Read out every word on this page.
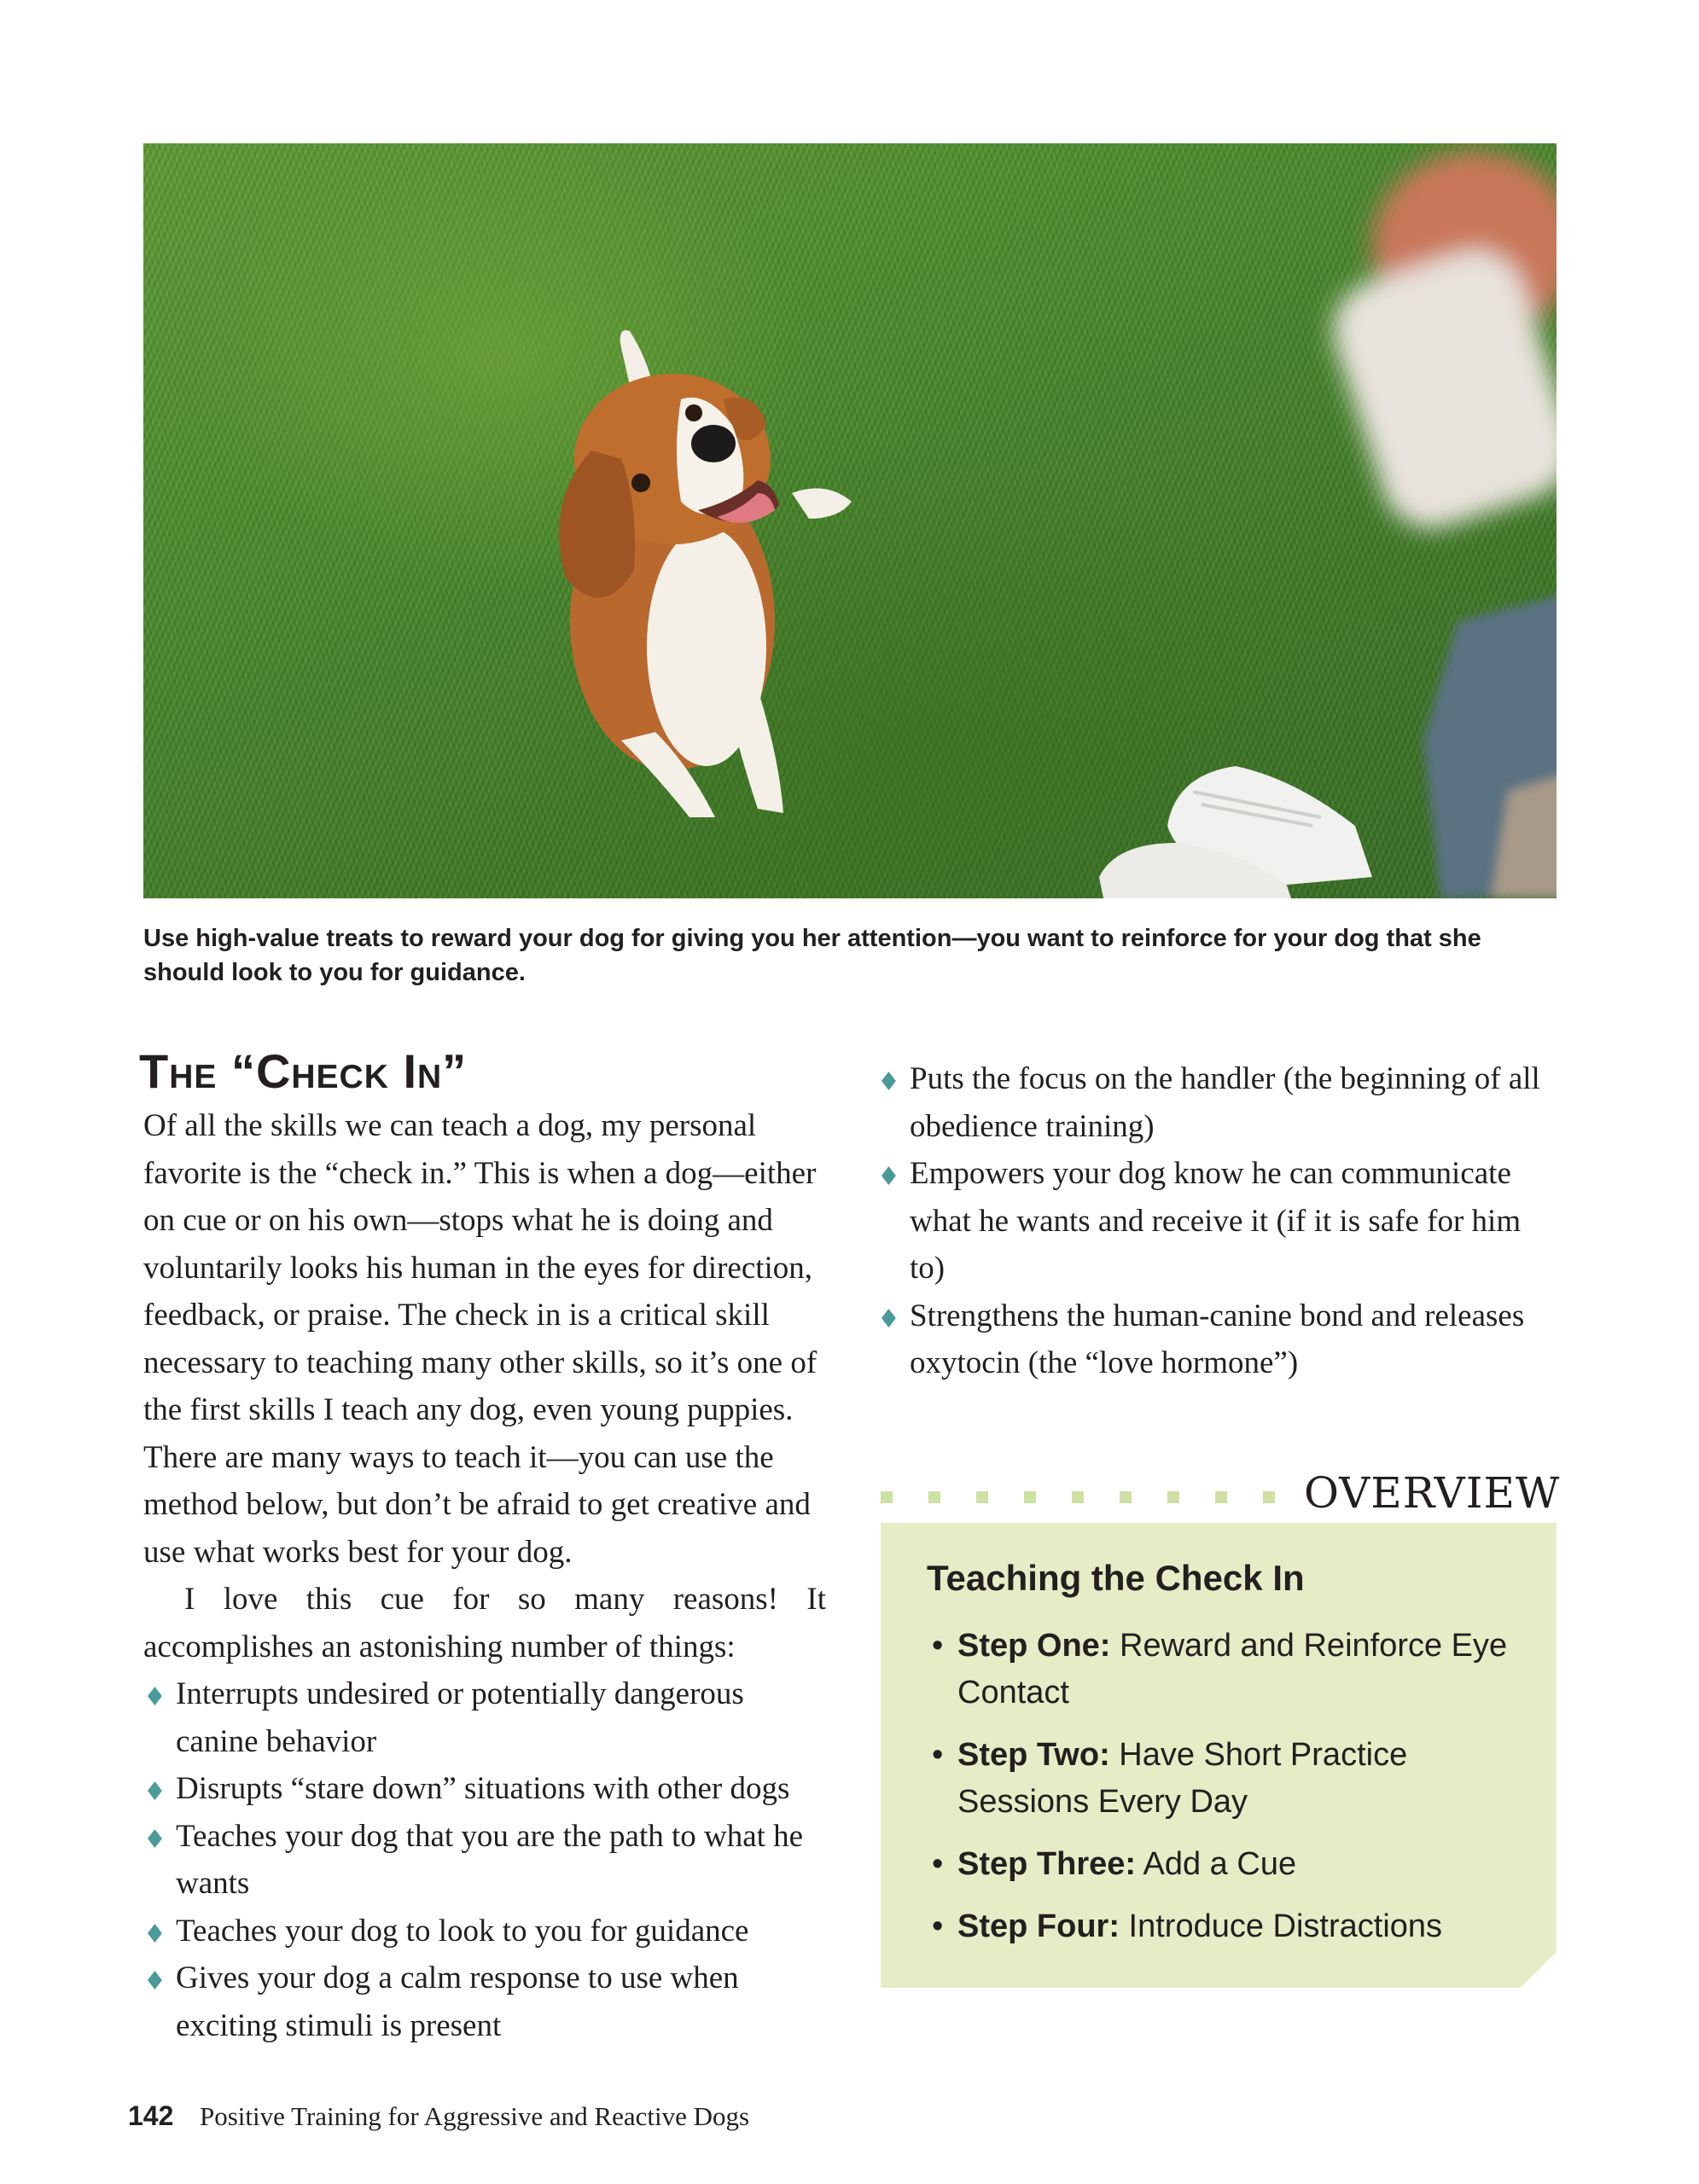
Use high-value treats to reward your dog for giving you her attention—you want to reinforce for your dog that she should look to you for guidance.
The “Check In”

Of all the skills we can teach a dog, my personal favorite is the “check in.” This is when a dog—either on cue or on his own—stops what he is doing and voluntarily looks his human in the eyes for direction, feedback, or praise. The check in is a critical skill necessary to teaching many other skills, so it’s one of the first skills I teach any dog, even young puppies. There are many ways to teach it—you can use the method below, but don’t be afraid to get creative and use what works best for your dog.

I love this cue for so many reasons! It accomplishes an astonishing number of things:

♦ Interrupts undesired or potentially dangerous canine behavior
♦ Disrupts “stare down” situations with other dogs
♦ Teaches your dog that you are the path to what he wants
♦ Teaches your dog to look to you for guidance
♦ Gives your dog a calm response to use when exciting stimuli is present
♦ Puts the focus on the handler (the beginning of all obedience training)
♦ Empowers your dog know he can communicate what he wants and receive it (if it is safe for him to)
♦ Strengthens the human-canine bond and releases oxytocin (the “love hormone”)
OVERVIEW
Teaching the Check In
• Step One: Reward and Reinforce Eye Contact
• Step Two: Have Short Practice Sessions Every Day
• Step Three: Add a Cue
• Step Four: Introduce Distractions
142 Positive Training for Aggressive and Reactive Dogs
